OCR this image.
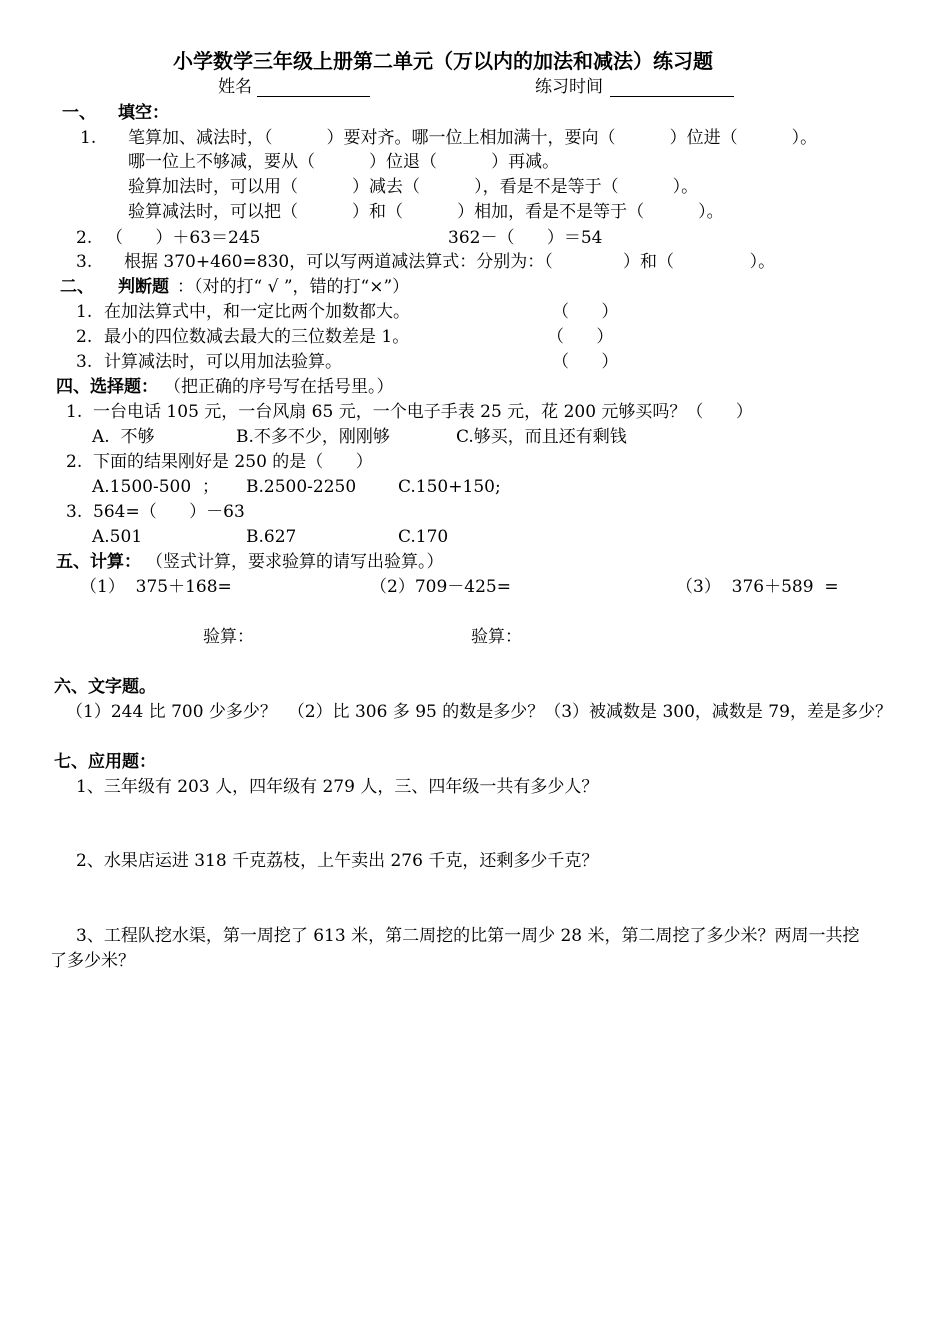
小学数学三年级上册第二单元（万以内的加法和减法）练习题
姓名	练习时间
一、 填空：
1. 笔算加、减法时，（          ）要对齐。哪一位上相加满十，要向（          ）位进（          ）。
哪一位上不够减，要从（          ）位退（          ）再减。
验算加法时，可以用（          ）减去（          ），看是不是等于（          ）。
验算减法时，可以把（          ）和（          ）相加，看是不是等于（          ）。
2. （      ）＋63＝245	362－（      ）＝54
3. 根据 370+460=830，可以写两道减法算式：分别为：（             ）和（              ）。
二、 判断题 ：（对的打“ √ ”，错的打“×”）
1. 在加法算式中，和一定比两个加数都大。	（      ）
2. 最小的四位数减去最大的三位数差是 1。	（      ）
3. 计算减法时，可以用加法验算。	（      ）
四、选择题： （把正确的序号写在括号里。）
1.  一台电话 105 元，一台风扇 65 元，一个电子手表 25 元，花 200 元够买吗？（      ）
A.  不够	B.不多不少，刚刚够	C.够买，而且还有剩钱
2.  下面的结果刚好是 250 的是（      ）
A.1500-500  ； B.2500-2250 C.150+150;
3.  564=（      ）－63
A.501	B.627	C.170
五、计算： （竖式计算，要求验算的请写出验算。）
（1）  375＋168=	（2）709－425=	（3）  376＋589  =
验算：	验算：
六、文字题。
（1）244 比 700 少多少？  （2）比 306 多 95 的数是多少？（3）被减数是 300，减数是 79，差是多少？
七、应用题：
1、三年级有 203 人，四年级有 279 人，三、四年级一共有多少人？
2、水果店运进 318 千克荔枝，上午卖出 276 千克，还剩多少千克？
3、工程队挖水渠，第一周挖了 613 米，第二周挖的比第一周少 28 米，第二周挖了多少米？两周一共挖
了多少米？
